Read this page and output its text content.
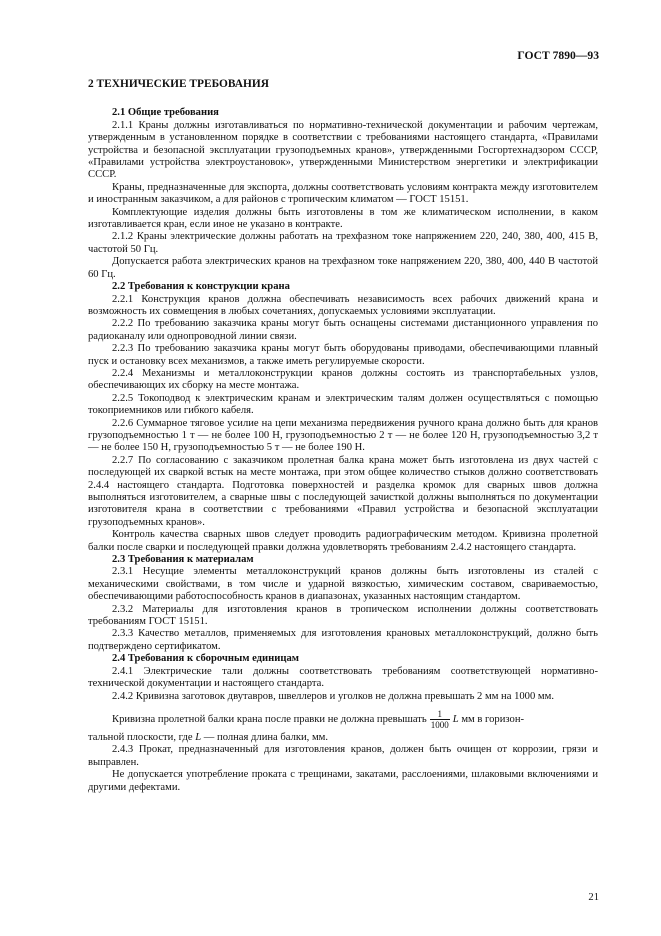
ГОСТ 7890—93
2 ТЕХНИЧЕСКИЕ ТРЕБОВАНИЯ

2.1 Общие требования

2.1.1 Краны должны изготавливаться по нормативно-технической документации и рабочим чертежам, утвержденным в установленном порядке в соответствии с требованиями настоящего стандарта, «Правилами устройства и безопасной эксплуатации грузоподъемных кранов», утвержденными Госгортехнадзором СССР, «Правилами устройства электроустановок», утвержденными Министерством энергетики и электрификации СССР.

Краны, предназначенные для экспорта, должны соответствовать условиям контракта между изготовителем и иностранным заказчиком, а для районов с тропическим климатом — ГОСТ 15151.

Комплектующие изделия должны быть изготовлены в том же климатическом исполнении, в каком изготавливается кран, если иное не указано в контракте.

2.1.2 Краны электрические должны работать на трехфазном токе напряжением 220, 240, 380, 400, 415 В, частотой 50 Гц.

Допускается работа электрических кранов на трехфазном токе напряжением 220, 380, 400, 440 В частотой 60 Гц.

2.2 Требования к конструкции крана

2.2.1 Конструкция кранов должна обеспечивать независимость всех рабочих движений крана и возможность их совмещения в любых сочетаниях, допускаемых условиями эксплуатации.

2.2.2 По требованию заказчика краны могут быть оснащены системами дистанционного управления по радиоканалу или однопроводной линии связи.

2.2.3 По требованию заказчика краны могут быть оборудованы приводами, обеспечивающими плавный пуск и остановку всех механизмов, а также иметь регулируемые скорости.

2.2.4 Механизмы и металлоконструкции кранов должны состоять из транспортабельных узлов, обеспечивающих их сборку на месте монтажа.

2.2.5 Токоподвод к электрическим кранам и электрическим талям должен осуществляться с помощью токоприемников или гибкого кабеля.

2.2.6 Суммарное тяговое усилие на цепи механизма передвижения ручного крана должно быть для кранов грузоподъемностью 1 т — не более 100 Н, грузоподъемностью 2 т — не более 120 Н, грузоподъемностью 3,2 т — не более 150 Н, грузоподъемностью 5 т — не более 190 Н.

2.2.7 По согласованию с заказчиком пролетная балка крана может быть изготовлена из двух частей с последующей их сваркой встык на месте монтажа, при этом общее количество стыков должно соответствовать 2.4.4 настоящего стандарта. Подготовка поверхностей и разделка кромок для сварных швов должна выполняться изготовителем, а сварные швы с последующей зачисткой должны выполняться по документации изготовителя крана в соответствии с требованиями «Правил устройства и безопасной эксплуатации грузоподъемных кранов».

Контроль качества сварных швов следует проводить радиографическим методом. Кривизна пролетной балки после сварки и последующей правки должна удовлетворять требованиям 2.4.2 настоящего стандарта.

2.3 Требования к материалам

2.3.1 Несущие элементы металлоконструкций кранов должны быть изготовлены из сталей с механическими свойствами, в том числе и ударной вязкостью, химическим составом, свариваемостью, обеспечивающими работоспособность кранов в диапазонах, указанных настоящим стандартом.

2.3.2 Материалы для изготовления кранов в тропическом исполнении должны соответствовать требованиям ГОСТ 15151.

2.3.3 Качество металлов, применяемых для изготовления крановых металлоконструкций, должно быть подтверждено сертификатом.

2.4 Требования к сборочным единицам

2.4.1 Электрические тали должны соответствовать требованиям соответствующей нормативно-технической документации и настоящего стандарта.

2.4.2 Кривизна заготовок двутавров, швеллеров и уголков не должна превышать 2 мм на 1000 мм.

Кривизна пролетной балки крана после правки не должна превышать $\frac{1}{1000}$ L мм в горизон-

тальной плоскости, где L — полная длина балки, мм.

2.4.3 Прокат, предназначенный для изготовления кранов, должен быть очищен от коррозии, грязи и выправлен.

Не допускается употребление проката с трещинами, закатами, расслоениями, шлаковыми включениями и другими дефектами.

21
